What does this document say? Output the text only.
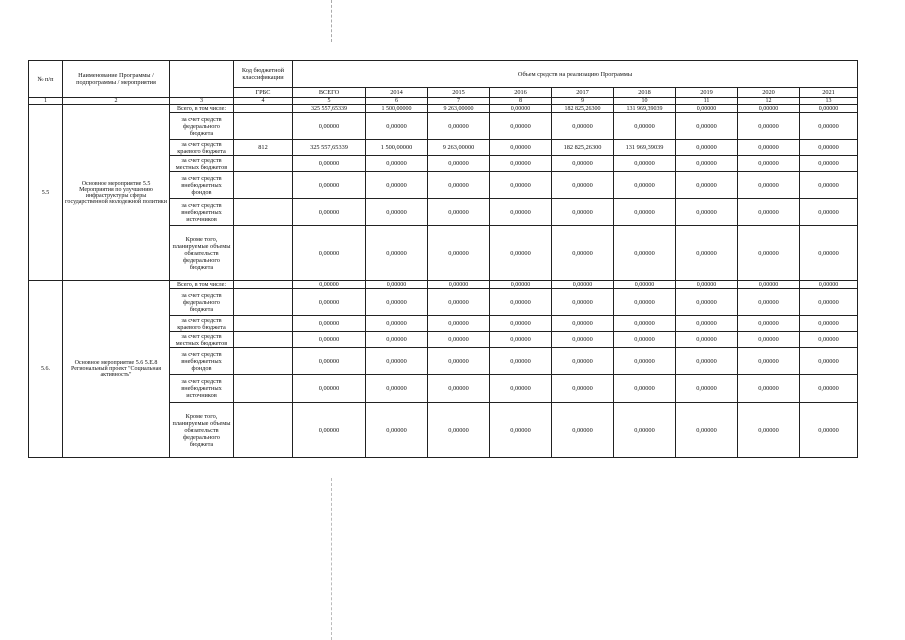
№ п/п	Наименование Программы / подпрограммы / мероприятия		Код бюджетной классификации	Объем средств на реализацию Программы								
			ГРБС	ВСЕГО	2014	2015	2016	2017	2018	2019	2020	2021
1	2	3	4	5	6	7	8	9	10	11	12	13
5.5	Основное мероприятие 5.5 Мероприятия по улучшению инфраструктуры сферы государственной молодежной политики	Всего, в том числе:		325 557,65339	1 500,00000	9 263,00000	0,00000	182 825,26300	131 969,39039	0,00000	0,00000	0,00000
		за счет средств федерального бюджета		0,00000	0,00000	0,00000	0,00000	0,00000	0,00000	0,00000	0,00000	0,00000
		за счет средств краевого бюджета	812	325 557,65339	1 500,00000	9 263,00000	0,00000	182 825,26300	131 969,39039	0,00000	0,00000	0,00000
		за счет средств местных бюджетов		0,00000	0,00000	0,00000	0,00000	0,00000	0,00000	0,00000	0,00000	0,00000
		за счет средств внебюджетных фондов		0,00000	0,00000	0,00000	0,00000	0,00000	0,00000	0,00000	0,00000	0,00000
		за счет средств внебюджетных источников		0,00000	0,00000	0,00000	0,00000	0,00000	0,00000	0,00000	0,00000	0,00000
		Кроме того, планируемые объемы обязательств федерального бюджета		0,00000	0,00000	0,00000	0,00000	0,00000	0,00000	0,00000	0,00000	0,00000
5.6.	Основное мероприятие 5.6 5.Е.8 Региональный проект "Социальная активность"	Всего, в том числе:		0,00000	0,00000	0,00000	0,00000	0,00000	0,00000	0,00000	0,00000	0,00000
		за счет средств федерального бюджета		0,00000	0,00000	0,00000	0,00000	0,00000	0,00000	0,00000	0,00000	0,00000
		за счет средств краевого бюджета		0,00000	0,00000	0,00000	0,00000	0,00000	0,00000	0,00000	0,00000	0,00000
		за счет средств местных бюджетов		0,00000	0,00000	0,00000	0,00000	0,00000	0,00000	0,00000	0,00000	0,00000
		за счет средств внебюджетных фондов		0,00000	0,00000	0,00000	0,00000	0,00000	0,00000	0,00000	0,00000	0,00000
		за счет средств внебюджетных источников		0,00000	0,00000	0,00000	0,00000	0,00000	0,00000	0,00000	0,00000	0,00000
		Кроме того, планируемые объемы обязательств федерального бюджета		0,00000	0,00000	0,00000	0,00000	0,00000	0,00000	0,00000	0,00000	0,00000
